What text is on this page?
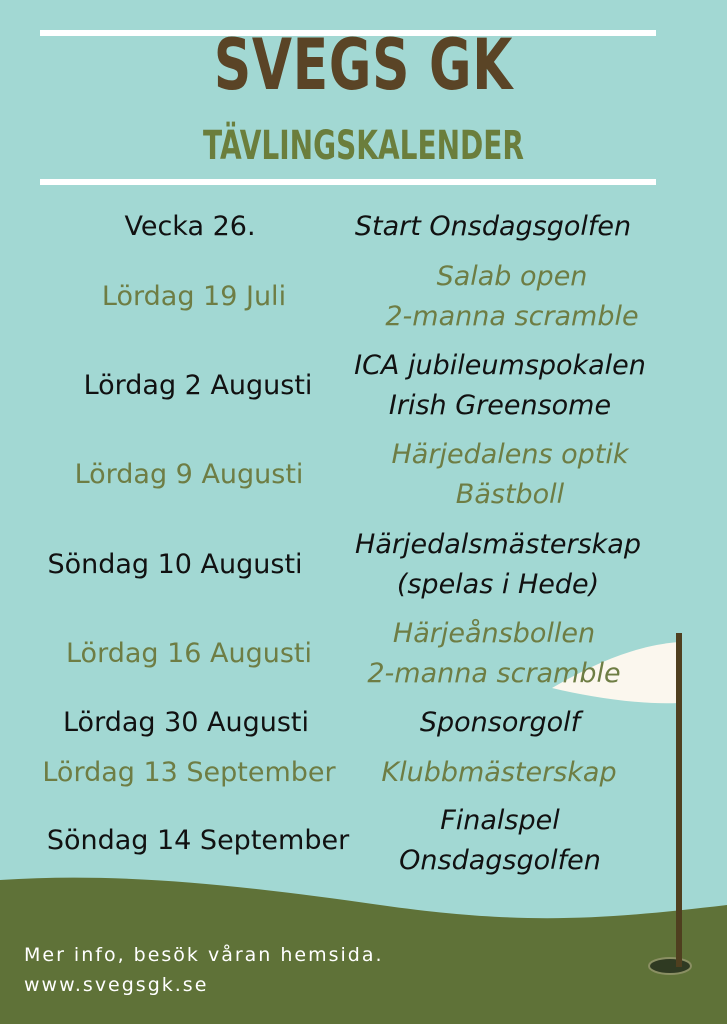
SVEGS GK
TÄVLINGSKALENDER
Vecka 26.	Start Onsdagsgolfen
Lördag 19 Juli
Salab open
2-manna scramble
Lördag 2 Augusti
ICA jubileumspokalen
Irish Greensome
Lördag 9 Augusti
Härjedalens optik
Bästboll
Söndag 10 Augusti
Härjedalsmästerskap
(spelas i Hede)
Lördag 16 Augusti
Härjeånsbollen
2-manna scramble
Lördag 30 Augusti	Sponsorgolf
Lördag 13 September Klubbmästerskap
Söndag 14 September
Finalspel
Onsdagsgolfen
Mer info, besök våran hemsida.
www.svegsgk.se
